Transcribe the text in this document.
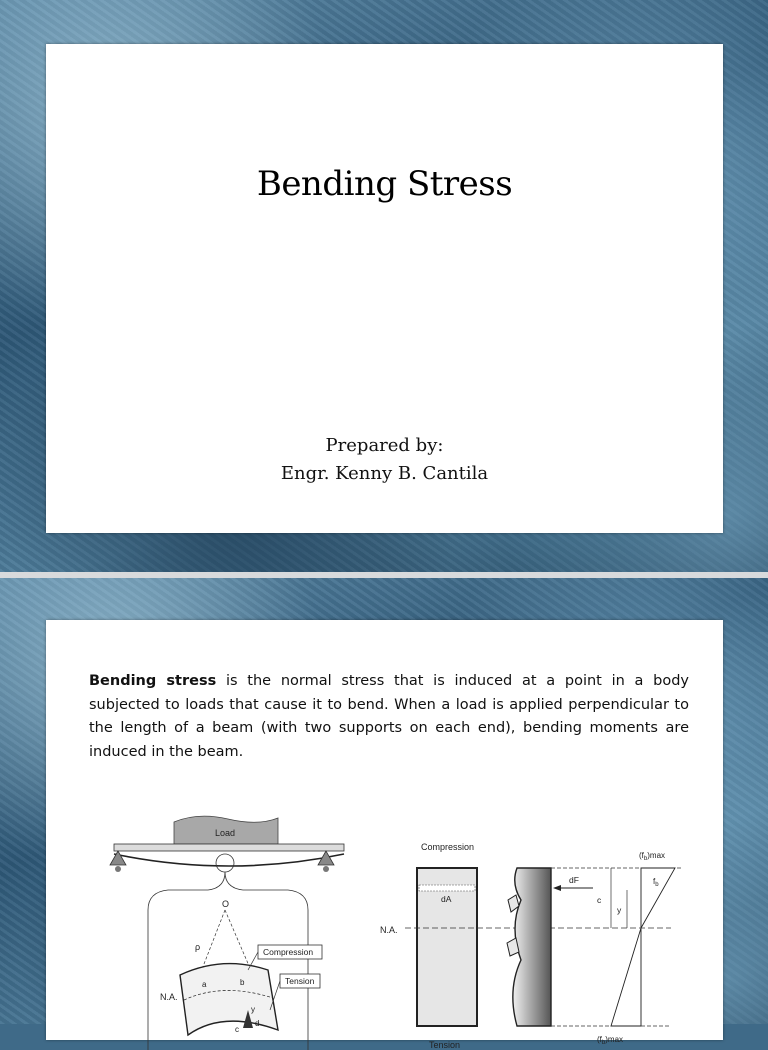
Bending Stress
Prepared by:
Engr. Kenny B. Cantila

Bending stress is the normal stress that is induced at a point in a body subjected to loads that cause it to bend. When a load is applied perpendicular to the length of a beam (with two supports on each end), bending moments are induced in the beam.

Load
O
ρ
N.A.
a	b
c
d
y
Compression
Tension
Compression
N.A.
Tension
dA
dF
c
y
$f_b$
$(f_b)\max$
$(f_b)\max$
